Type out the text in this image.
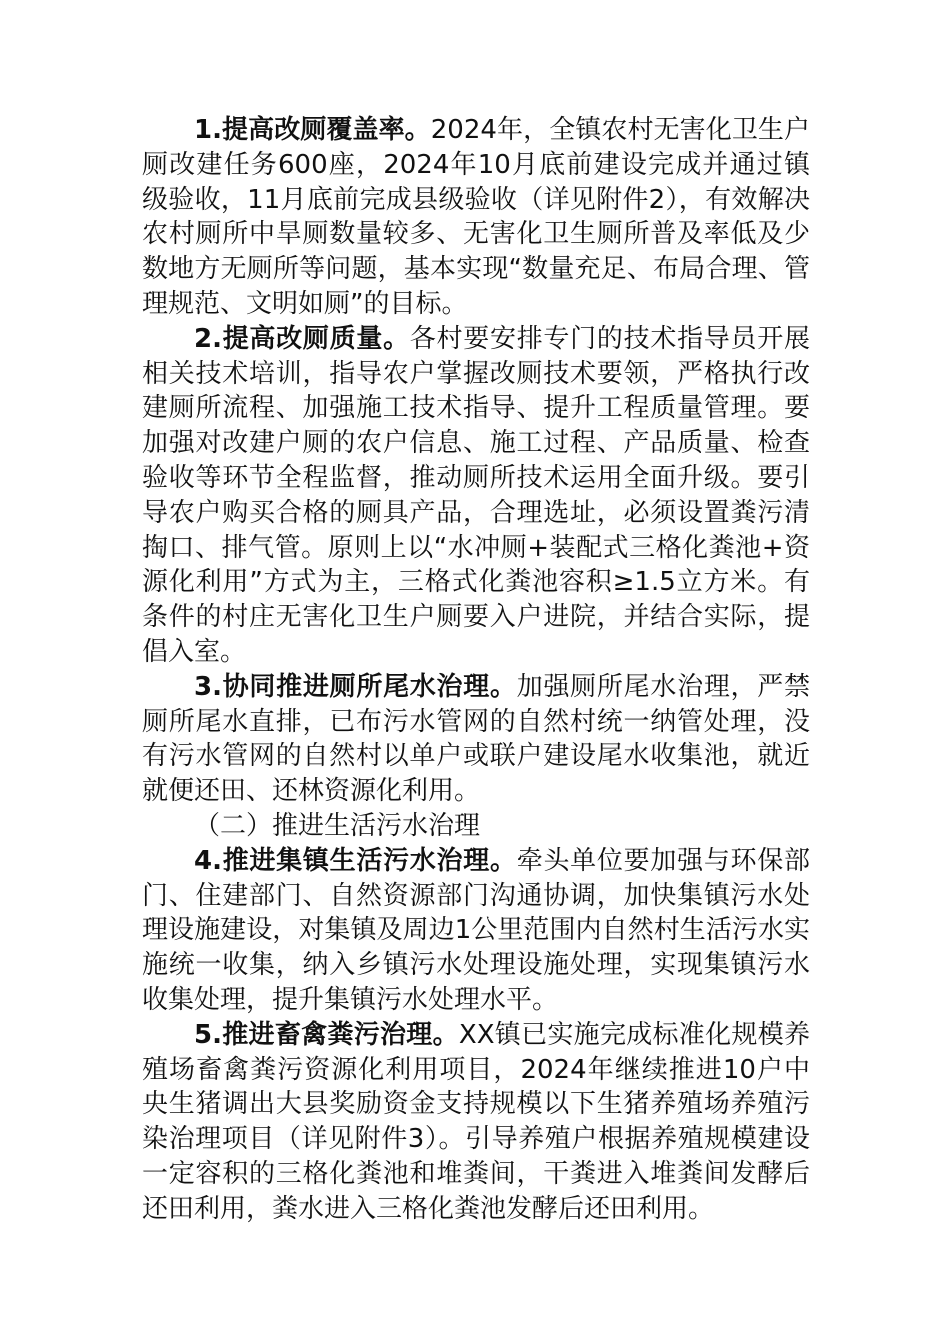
1.提高改厕覆盖率。2024年，全镇农村无害化卫生户厕改建任务600座，2024年10月底前建设完成并通过镇级验收，11月底前完成县级验收（详见附件2），有效解决农村厕所中旱厕数量较多、无害化卫生厕所普及率低及少数地方无厕所等问题，基本实现“数量充足、布局合理、管理规范、文明如厕”的目标。

2.提高改厕质量。各村要安排专门的技术指导员开展相关技术培训，指导农户掌握改厕技术要领，严格执行改建厕所流程、加强施工技术指导、提升工程质量管理。要加强对改建户厕的农户信息、施工过程、产品质量、检查验收等环节全程监督，推动厕所技术运用全面升级。要引导农户购买合格的厕具产品，合理选址，必须设置粪污清掏口、排气管。原则上以“水冲厕+装配式三格化粪池+资源化利用”方式为主，三格式化粪池容积≥1.5立方米。有条件的村庄无害化卫生户厕要入户进院，并结合实际，提倡入室。

3.协同推进厕所尾水治理。加强厕所尾水治理，严禁厕所尾水直排，已布污水管网的自然村统一纳管处理，没有污水管网的自然村以单户或联户建设尾水收集池，就近就便还田、还林资源化利用。

（二）推进生活污水治理

4.推进集镇生活污水治理。牵头单位要加强与环保部门、住建部门、自然资源部门沟通协调，加快集镇污水处理设施建设，对集镇及周边1公里范围内自然村生活污水实施统一收集，纳入乡镇污水处理设施处理，实现集镇污水收集处理，提升集镇污水处理水平。

5.推进畜禽粪污治理。XX镇已实施完成标准化规模养殖场畜禽粪污资源化利用项目，2024年继续推进10户中央生猪调出大县奖励资金支持规模以下生猪养殖场养殖污染治理项目（详见附件3）。引导养殖户根据养殖规模建设一定容积的三格化粪池和堆粪间，干粪进入堆粪间发酵后还田利用，粪水进入三格化粪池发酵后还田利用。
